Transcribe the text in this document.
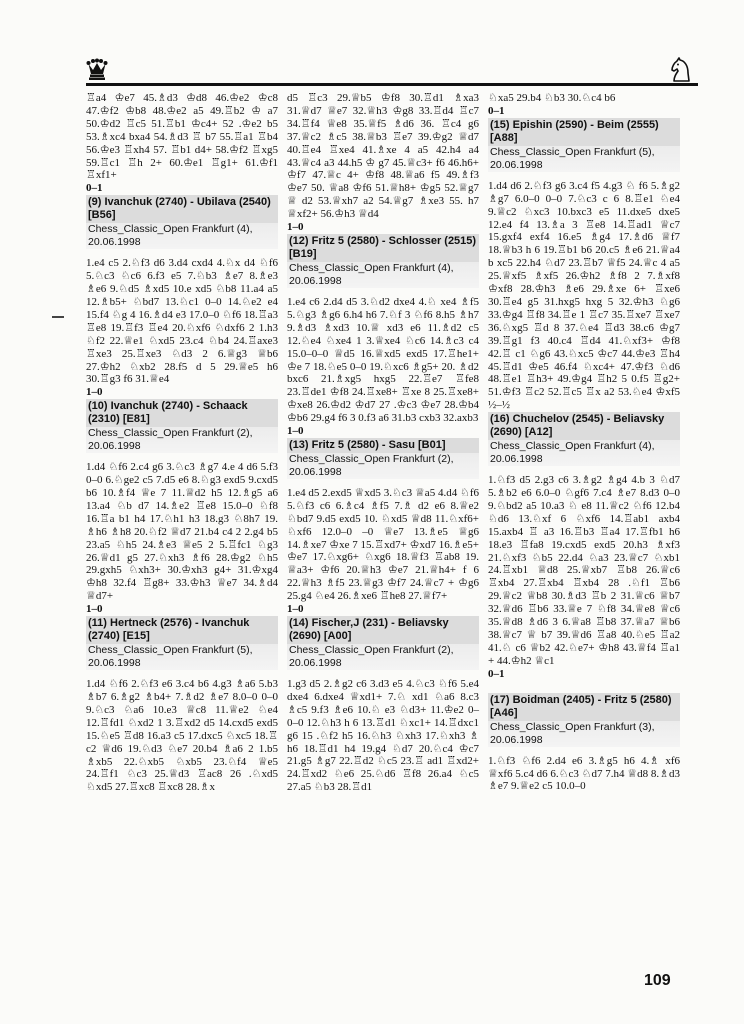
♖a4 ♔e7 45.♗d3 ♔d8 46.♔e2 ♔c8 47.♔f2 ♔b8 48.♔e2 a5 49.♖b2 ♔ a7 50.♔d2 ♖c5 51.♖b1 ♔c4+ 52 .♔e2 b5 53.♗xc4 bxa4 54.♗d3 ♖ b7 55.♖a1 ♖b4 56.♔e3 ♖xh4 57. ♖b1 d4+ 58.♔f2 ♖xg5 59.♖c1 ♖h 2+ 60.♔e1 ♖g1+ 61.♔f1 ♖xf1+

0–1

(9) Ivanchuk (2740) - Ubilava (2540) [B56]

Chess_Classic_Open Frankfurt (4), 20.06.1998

1.e4 c5 2.♘f3 d6 3.d4 cxd4 4.♘x d4 ♘f6 5.♘c3 ♘c6 6.f3 e5 7.♘b3 ♗e7 8.♗e3 ♗e6 9.♘d5 ♗xd5 10.e xd5 ♘b8 11.a4 a5 12.♗b5+ ♘bd7 13.♘c1 0–0 14.♘e2 e4 15.f4 ♘g 4 16.♗d4 e3 17.0–0 ♘f6 18.♖a3 ♖e8 19.♖f3 ♖e4 20.♘xf6 ♘dxf6 2 1.h3 ♘f2 22.♕e1 ♘xd5 23.c4 ♘b4 24.♖axe3 ♖xe3 25.♖xe3 ♘d3 2 6.♕g3 ♕b6 27.♔h2 ♘xb2 28.f5 d 5 29.♕e5 h6 30.♖g3 f6 31.♕e4

1–0

(10) Ivanchuk (2740) - Schaack (2310) [E81]

Chess_Classic_Open Frankfurt (2), 20.06.1998

1.d4 ♘f6 2.c4 g6 3.♘c3 ♗g7 4.e 4 d6 5.f3 0–0 6.♘ge2 c5 7.d5 e6 8.♘g3 exd5 9.cxd5 b6 10.♗f4 ♕e 7 11.♕d2 h5 12.♗g5 a6 13.a4 ♘b d7 14.♗e2 ♖e8 15.0–0 ♘f8 16.♖a b1 h4 17.♘h1 h3 18.g3 ♘8h7 19. ♗h6 ♗h8 20.♘f2 ♕d7 21.b4 c4 2 2.g4 b5 23.a5 ♘h5 24.♗e3 ♕e5 2 5.♖fc1 ♘g3 26.♕d1 g5 27.♘xh3 ♗f6 28.♔g2 ♘h5 29.gxh5 ♘xh3+ 30.♔xh3 g4+ 31.♔xg4 ♔h8 32.f4 ♖g8+ 33.♔h3 ♕e7 34.♗d4 ♕d7+

1–0

(11) Hertneck (2576) - Ivanchuk (2740) [E15]

Chess_Classic_Open Frankfurt (5), 20.06.1998

1.d4 ♘f6 2.♘f3 e6 3.c4 b6 4.g3 ♗a6 5.b3 ♗b7 6.♗g2 ♗b4+ 7.♗d2 ♗e7 8.0–0 0–0 9.♘c3 ♘a6 10.e3 ♕c8 11.♕e2 ♘e4 12.♖fd1 ♘xd2 1 3.♖xd2 d5 14.cxd5 exd5 15.♘e5 ♖d8 16.a3 c5 17.dxc5 ♘xc5 18.♖ c2 ♕d6 19.♘d3 ♘e7 20.b4 ♗a6 2 1.b5 ♗xb5 22.♘xb5 ♘xb5 23.♘f4 ♕e5 24.♖f1 ♘c3 25.♕d3 ♖ac8 26 .♘xd5 ♘xd5 27.♖xc8 ♖xc8 28.♗x

d5 ♖c3 29.♕b5 ♔f8 30.♖d1 ♗xa3 31.♕d7 ♕e7 32.♕h3 ♔g8 33.♖d4 ♖c7 34.♖f4 ♕e8 35.♕f5 ♗d6 36. ♖c4 g6 37.♕c2 ♗c5 38.♕b3 ♖e7 39.♔g2 ♕d7 40.♖e4 ♖xe4 41.♗xe 4 a5 42.h4 a4 43.♕c4 a3 44.h5 ♔ g7 45.♕c3+ f6 46.h6+ ♔f7 47.♕c 4+ ♔f8 48.♕a6 f5 49.♗f3 ♔e7 50. ♕a8 ♔f6 51.♕h8+ ♔g5 52.♕g7 ♕ d2 53.♕xh7 a2 54.♕g7 ♗xe3 55. h7 ♕xf2+ 56.♔h3 ♕d4

1–0

(12) Fritz 5 (2580) - Schlosser (2515) [B19]

Chess_Classic_Open Frankfurt (4), 20.06.1998

1.e4 c6 2.d4 d5 3.♘d2 dxe4 4.♘ xe4 ♗f5 5.♘g3 ♗g6 6.h4 h6 7.♘f 3 ♘f6 8.h5 ♗h7 9.♗d3 ♗xd3 10.♕ xd3 e6 11.♗d2 c5 12.♘e4 ♘xe4 1 3.♕xe4 ♘c6 14.♗c3 c4 15.0–0–0 ♕d5 16.♕xd5 exd5 17.♖he1+ ♔e 7 18.♘e5 0–0 19.♘xc6 ♗g5+ 20. ♗d2 bxc6 21.♗xg5 hxg5 22.♖e7 ♖fe8 23.♖de1 ♔f8 24.♖xe8+ ♖xe 8 25.♖xe8+ ♔xe8 26.♔d2 ♔d7 27 .♔c3 ♔e7 28.♔b4 ♔b6 29.g4 f6 3 0.f3 a6 31.b3 cxb3 32.axb3

1–0

(13) Fritz 5 (2580) - Sasu [B01]

Chess_Classic_Open Frankfurt (2), 20.06.1998

1.e4 d5 2.exd5 ♕xd5 3.♘c3 ♕a5 4.d4 ♘f6 5.♘f3 c6 6.♗c4 ♗f5 7.♗ d2 e6 8.♕e2 ♘bd7 9.d5 exd5 10. ♘xd5 ♕d8 11.♘xf6+ ♘xf6 12.0–0 –0 ♕e7 13.♗e5 ♕g6 14.♗xe7 ♔xe 7 15.♖xd7+ ♔xd7 16.♗e5+ ♔e7 17.♘xg6+ ♘xg6 18.♕f3 ♖ab8 19. ♕a3+ ♔f6 20.♕h3 ♔e7 21.♕h4+ f 6 22.♕h3 ♗f5 23.♕g3 ♔f7 24.♕c7 + ♔g6 25.g4 ♘e4 26.♗xe6 ♖he8 27.♕f7+

1–0

(14) Fischer,J (231) - Beliavsky (2690) [A00]

Chess_Classic_Open Frankfurt (2), 20.06.1998

1.g3 d5 2.♗g2 c6 3.d3 e5 4.♘c3 ♘f6 5.e4 dxe4 6.dxe4 ♕xd1+ 7.♘ xd1 ♘a6 8.c3 ♗c5 9.f3 ♗e6 10.♘ e3 ♘d3+ 11.♔e2 0–0–0 12.♘h3 h 6 13.♖d1 ♘xc1+ 14.♖dxc1 g6 15 .♘f2 h5 16.♘h3 ♘xh3 17.♘xh3 ♗ h6 18.♖d1 h4 19.g4 ♘d7 20.♘c4 ♔c7 21.g5 ♗g7 22.♖d2 ♘c5 23.♖ ad1 ♖xd2+ 24.♖xd2 ♘e6 25.♘d6 ♖f8 26.a4 ♘c5 27.a5 ♘b3 28.♖d1

♘xa5 29.b4 ♘b3 30.♘c4 b6

0–1

(15) Epishin (2590) - Beim (2555) [A88]

Chess_Classic_Open Frankfurt (5), 20.06.1998

1.d4 d6 2.♘f3 g6 3.c4 f5 4.g3 ♘ f6 5.♗g2 ♗g7 6.0–0 0–0 7.♘c3 c 6 8.♖e1 ♘e4 9.♕c2 ♘xc3 10.bxc3 e5 11.dxe5 dxe5 12.e4 f4 13.♗a 3 ♖e8 14.♖ad1 ♕c7 15.gxf4 exf4 16.e5 ♗g4 17.♗d6 ♕f7 18.♕b3 h 6 19.♖b1 b6 20.c5 ♗e6 21.♕a4 b xc5 22.h4 ♘d7 23.♖b7 ♕f5 24.♕c 4 a5 25.♕xf5 ♗xf5 26.♔h2 ♗f8 2 7.♗xf8 ♔xf8 28.♔h3 ♗e6 29.♗xe 6+ ♖xe6 30.♖e4 g5 31.hxg5 hxg 5 32.♔h3 ♘g6 33.♔g4 ♖f8 34.♖e 1 ♖c7 35.♖xe7 ♖xe7 36.♘xg5 ♖d 8 37.♘e4 ♖d3 38.c6 ♔g7 39.♖g1 f3 40.c4 ♖d4 41.♘xf3+ ♔f8 42.♖ c1 ♘g6 43.♘xc5 ♔c7 44.♔e3 ♖h4 45.♖d1 ♔e5 46.f4 ♘xc4+ 47.♔f3 ♘d6 48.♖e1 ♖h3+ 49.♔g4 ♖h2 5 0.f5 ♖g2+ 51.♔f3 ♖c2 52.♖c5 ♖x a2 53.♘e4 ♔xf5 ½–½

(16) Chuchelov (2545) - Beliavsky (2690) [A12]

Chess_Classic_Open Frankfurt (4), 20.06.1998

1.♘f3 d5 2.g3 c6 3.♗g2 ♗g4 4.b 3 ♘d7 5.♗b2 e6 6.0–0 ♘gf6 7.c4 ♗e7 8.d3 0–0 9.♘bd2 a5 10.a3 ♘ e8 11.♕c2 ♘f6 12.b4 ♘d6 13.♘xf 6 ♘xf6 14.♖ab1 axb4 15.axb4 ♖ a3 16.♖b3 ♖a4 17.♖fb1 h6 18.e3 ♖fa8 19.cxd5 exd5 20.h3 ♗xf3 21.♘xf3 ♘b5 22.d4 ♘a3 23.♕c7 ♘xb1 24.♖xb1 ♕d8 25.♕xb7 ♖b8 26.♕c6 ♖xb4 27.♖xb4 ♖xb4 28 .♘f1 ♖b6 29.♕c2 ♕b8 30.♗d3 ♖b 2 31.♕c6 ♕b7 32.♕d6 ♖b6 33.♕e 7 ♘f8 34.♕e8 ♕c6 35.♕d8 ♗d6 3 6.♕a8 ♖b8 37.♕a7 ♕b6 38.♕c7 ♕ b7 39.♕d6 ♖a8 40.♘e5 ♖a2 41.♘ c6 ♕b2 42.♘e7+ ♔h8 43.♕f4 ♖a1 + 44.♔h2 ♕c1

0–1

(17) Boidman (2405) - Fritz 5 (2580) [A46]

Chess_Classic_Open Frankfurt (3), 20.06.1998

1.♘f3 ♘f6 2.d4 e6 3.♗g5 h6 4.♗ xf6 ♕xf6 5.c4 d6 6.♘c3 ♘d7 7.h4 ♕d8 8.♗d3 ♗e7 9.♕e2 c5 10.0–0

109
